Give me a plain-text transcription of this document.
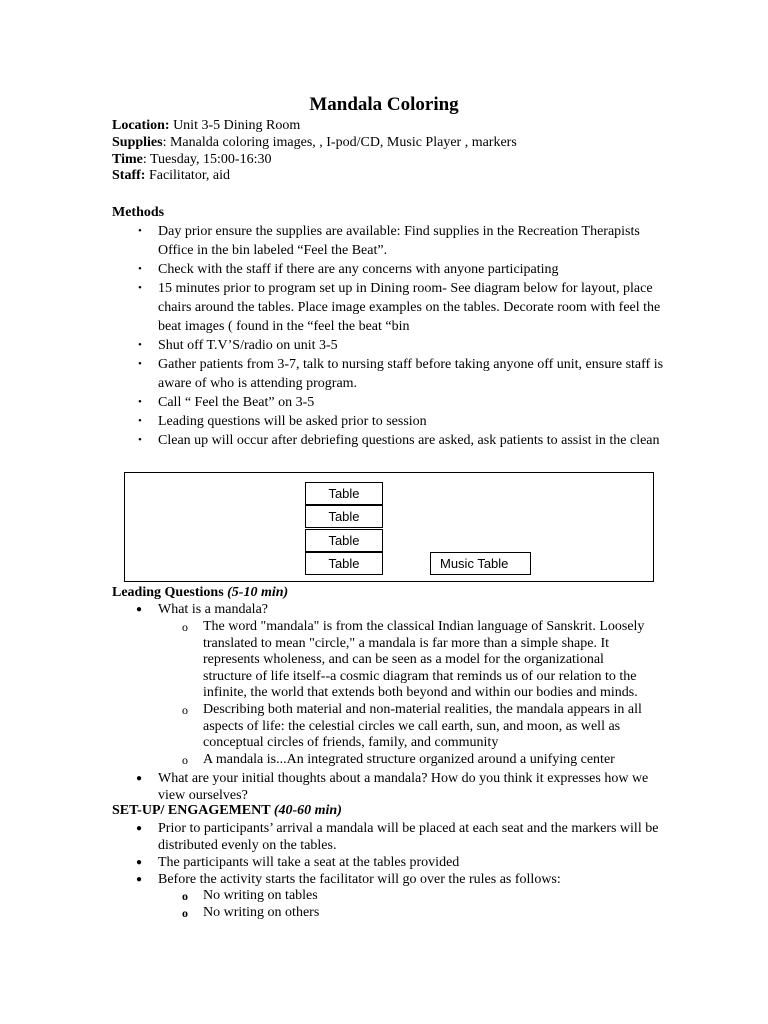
Mandala Coloring
Location: Unit 3-5 Dining Room
Supplies: Manalda coloring images, , I-pod/CD, Music Player , markers
Time: Tuesday, 15:00-16:30
Staff: Facilitator, aid
Methods
• Day prior ensure the supplies are available: Find supplies in the Recreation Therapists Office in the bin labeled “Feel the Beat”.
• Check with the staff if there are any concerns with anyone participating
• 15 minutes prior to program set up in Dining room- See diagram below for layout, place chairs around the tables. Place image examples on the tables. Decorate room with feel the beat images ( found in the “feel the beat “bin
• Shut off T.V’S/radio on unit 3-5
• Gather patients from 3-7, talk to nursing staff before taking anyone off unit, ensure staff is aware of who is attending program.
• Call “ Feel the Beat” on 3-5
• Leading questions will be asked prior to session
• Clean up will occur after debriefing questions are asked, ask patients to assist in the clean
Table
Table
Table
Table	Music Table
Leading Questions (5-10 min)
●	What is a mandala?
o	The word "mandala" is from the classical Indian language of Sanskrit. Loosely translated to mean "circle," a mandala is far more than a simple shape. It represents wholeness, and can be seen as a model for the organizational structure of life itself--a cosmic diagram that reminds us of our relation to the infinite, the world that extends both beyond and within our bodies and minds.
o	Describing both material and non-material realities, the mandala appears in all aspects of life: the celestial circles we call earth, sun, and moon, as well as conceptual circles of friends, family, and community
o	A mandala is...An integrated structure organized around a unifying center
●	What are your initial thoughts about a mandala? How do you think it expresses how we view ourselves?
SET-UP/ ENGAGEMENT (40-60 min)
●	Prior to participants’ arrival a mandala will be placed at each seat and the markers will be distributed evenly on the tables.
●	The participants will take a seat at the tables provided
●	Before the activity starts the facilitator will go over the rules as follows:
o	No writing on tables
o	No writing on others
